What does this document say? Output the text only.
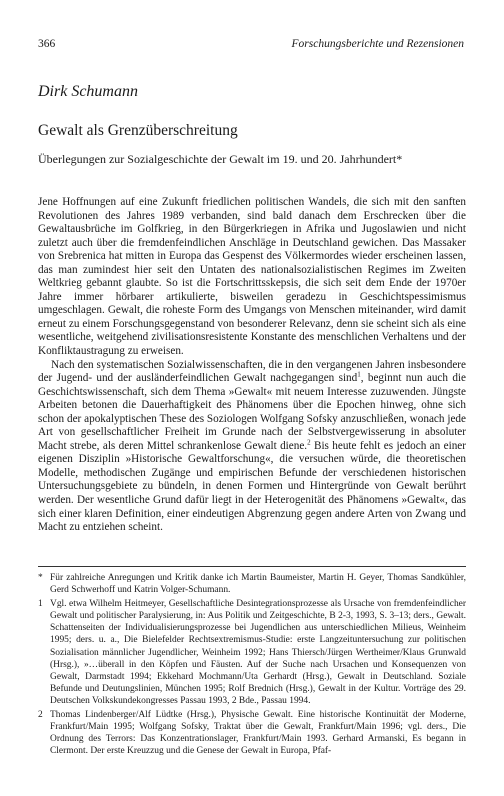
366	Forschungsberichte und Rezensionen
Dirk Schumann
Gewalt als Grenzüberschreitung
Überlegungen zur Sozialgeschichte der Gewalt im 19. und 20. Jahrhundert*

Jene Hoffnungen auf eine Zukunft friedlichen politischen Wandels, die sich mit den sanften Revolutionen des Jahres 1989 verbanden, sind bald danach dem Erschrecken über die Gewaltausbrüche im Golfkrieg, in den Bürgerkriegen in Afrika und Jugoslawien und nicht zuletzt auch über die fremdenfeindlichen Anschläge in Deutschland gewichen. Das Massaker von Srebrenica hat mitten in Europa das Gespenst des Völkermordes wieder erscheinen lassen, das man zumindest hier seit den Untaten des nationalsozialistischen Regimes im Zweiten Weltkrieg gebannt glaubte. So ist die Fortschrittsskepsis, die sich seit dem Ende der 1970er Jahre immer hörbarer artikulierte, bisweilen geradezu in Geschichtspessimismus umgeschlagen. Gewalt, die roheste Form des Umgangs von Menschen miteinander, wird damit erneut zu einem Forschungsgegenstand von besonderer Relevanz, denn sie scheint sich als eine wesentliche, weitgehend zivilisationsresistente Konstante des menschlichen Verhaltens und der Konfliktaustragung zu erweisen.

Nach den systematischen Sozialwissenschaften, die in den vergangenen Jahren insbesondere der Jugend- und der ausländerfeindlichen Gewalt nachgegangen sind$^1$, beginnt nun auch die Geschichtswissenschaft, sich dem Thema »Gewalt« mit neuem Interesse zuzuwenden. Jüngste Arbeiten betonen die Dauerhaftigkeit des Phänomens über die Epochen hinweg, ohne sich schon der apokalyptischen These des Soziologen Wolfgang Sofsky anzuschließen, wonach jede Art von gesellschaftlicher Freiheit im Grunde nach der Selbstvergewisserung in absoluter Macht strebe, als deren Mittel schrankenlose Gewalt diene.$^2$ Bis heute fehlt es jedoch an einer eigenen Disziplin »Historische Gewaltforschung«, die versuchen würde, die theoretischen Modelle, methodischen Zugänge und empirischen Befunde der verschiedenen historischen Untersuchungsgebiete zu bündeln, in denen Formen und Hintergründe von Gewalt berührt werden. Der wesentliche Grund dafür liegt in der Heterogenität des Phänomens »Gewalt«, das sich einer klaren Definition, einer eindeutigen Abgrenzung gegen andere Arten von Zwang und Macht zu entziehen scheint.

* Für zahlreiche Anregungen und Kritik danke ich Martin Baumeister, Martin H. Geyer, Thomas Sandkühler, Gerd Schwerhoff und Katrin Volger-Schumann.
1 Vgl. etwa Wilhelm Heitmeyer, Gesellschaftliche Desintegrationsprozesse als Ursache von fremdenfeindlicher Gewalt und politischer Paralysierung, in: Aus Politik und Zeitgeschichte, B 2-3, 1993, S. 3–13; ders., Gewalt. Schattenseiten der Individualisierungsprozesse bei Jugendlichen aus unterschiedlichen Milieus, Weinheim 1995; ders. u. a., Die Bielefelder Rechtsextremismus-Studie: erste Langzeituntersuchung zur politischen Sozialisation männlicher Jugendlicher, Weinheim 1992; Hans Thiersch/Jürgen Wertheimer/Klaus Grunwald (Hrsg.), »…überall in den Köpfen und Fäusten. Auf der Suche nach Ursachen und Konsequenzen von Gewalt, Darmstadt 1994; Ekkehard Mochmann/Uta Gerhardt (Hrsg.), Gewalt in Deutschland. Soziale Befunde und Deutungslinien, München 1995; Rolf Brednich (Hrsg.), Gewalt in der Kultur. Vorträge des 29. Deutschen Volkskundekongresses Passau 1993, 2 Bde., Passau 1994.
2 Thomas Lindenberger/Alf Lüdtke (Hrsg.), Physische Gewalt. Eine historische Kontinuität der Moderne, Frankfurt/Main 1995; Wolfgang Sofsky, Traktat über die Gewalt, Frankfurt/Main 1996; vgl. ders., Die Ordnung des Terrors: Das Konzentrationslager, Frankfurt/Main 1993. Gerhard Armanski, Es begann in Clermont. Der erste Kreuzzug und die Genese der Gewalt in Europa, Pfaf-
